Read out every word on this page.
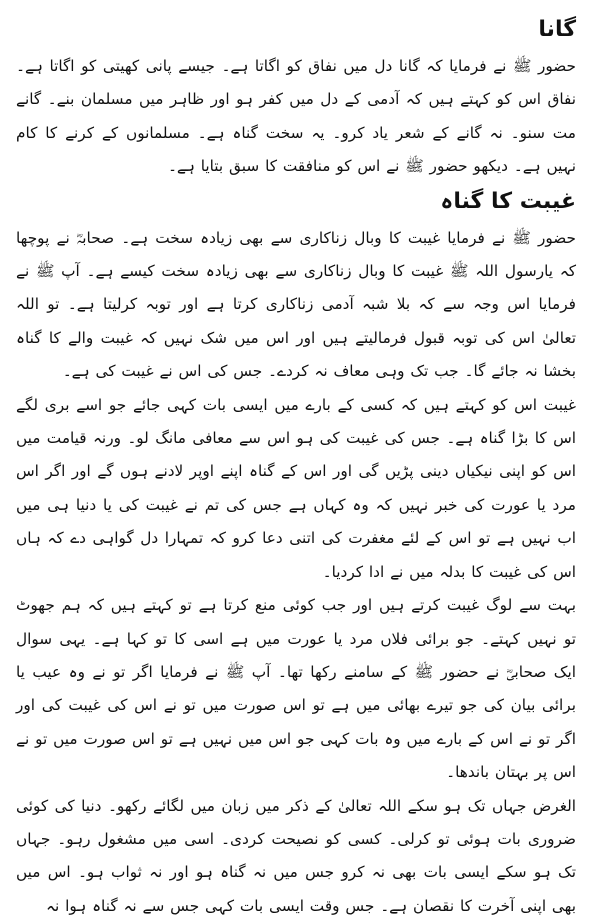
گانا

حضور ﷺ نے فرمایا کہ گانا دل میں نفاق کو اگاتا ہے۔ جیسے پانی کھیتی کو اگاتا ہے۔ نفاق اس کو کہتے ہیں کہ آدمی کے دل میں کفر ہو اور ظاہر میں مسلمان بنے۔ گانے مت سنو۔ نہ گانے کے شعر یاد کرو۔ یہ سخت گناہ ہے۔ مسلمانوں کے کرنے کا کام نہیں ہے۔ دیکھو حضور ﷺ نے اس کو منافقت کا سبق بتایا ہے۔

غیبت کا گناہ

حضور ﷺ نے فرمایا غیبت کا وبال زناکاری سے بھی زیادہ سخت ہے۔ صحابہؓ نے پوچھا کہ یارسول اللہ ﷺ غیبت کا وبال زناکاری سے بھی زیادہ سخت کیسے ہے۔ آپ ﷺ نے فرمایا اس وجہ سے کہ بلا شبہ آدمی زناکاری کرتا ہے اور توبہ کرلیتا ہے۔ تو اللہ تعالیٰ اس کی توبہ قبول فرمالیتے ہیں اور اس میں شک نہیں کہ غیبت والے کا گناہ بخشا نہ جائے گا۔ جب تک وہی معاف نہ کردے۔ جس کی اس نے غیبت کی ہے۔

غیبت اس کو کہتے ہیں کہ کسی کے بارے میں ایسی بات کہی جائے جو اسے بری لگے اس کا بڑا گناہ ہے۔ جس کی غیبت کی ہو اس سے معافی مانگ لو۔ ورنہ قیامت میں اس کو اپنی نیکیاں دینی پڑیں گی اور اس کے گناہ اپنے اوپر لادنے ہوں گے اور اگر اس مرد یا عورت کی خبر نہیں کہ وہ کہاں ہے جس کی تم نے غیبت کی یا دنیا ہی میں اب نہیں ہے تو اس کے لئے مغفرت کی اتنی دعا کرو کہ تمہارا دل گواہی دے کہ ہاں اس کی غیبت کا بدلہ میں نے ادا کردیا۔

بہت سے لوگ غیبت کرتے ہیں اور جب کوئی منع کرتا ہے تو کہتے ہیں کہ ہم جھوٹ تو نہیں کہتے۔ جو برائی فلاں مرد یا عورت میں ہے اسی کا تو کہا ہے۔ یہی سوال ایک صحابیؓ نے حضور ﷺ کے سامنے رکھا تھا۔ آپ ﷺ نے فرمایا اگر تو نے وہ عیب یا برائی بیان کی جو تیرے بھائی میں ہے تو اس صورت میں تو نے اس کی غیبت کی اور اگر تو نے اس کے بارے میں وہ بات کہی جو اس میں نہیں ہے تو اس صورت میں تو نے اس پر بہتان باندھا۔

الغرض جہاں تک ہو سکے اللہ تعالیٰ کے ذکر میں زبان میں لگائے رکھو۔ دنیا کی کوئی ضروری بات ہوئی تو کرلی۔ کسی کو نصیحت کردی۔ اسی میں مشغول رہو۔ جہاں تک ہو سکے ایسی بات بھی نہ کرو جس میں نہ گناہ ہو اور نہ ثواب ہو۔ اس میں بھی اپنی آخرت کا نقصان ہے۔ جس وقت ایسی بات کہی جس سے نہ گناہ ہوا نہ
